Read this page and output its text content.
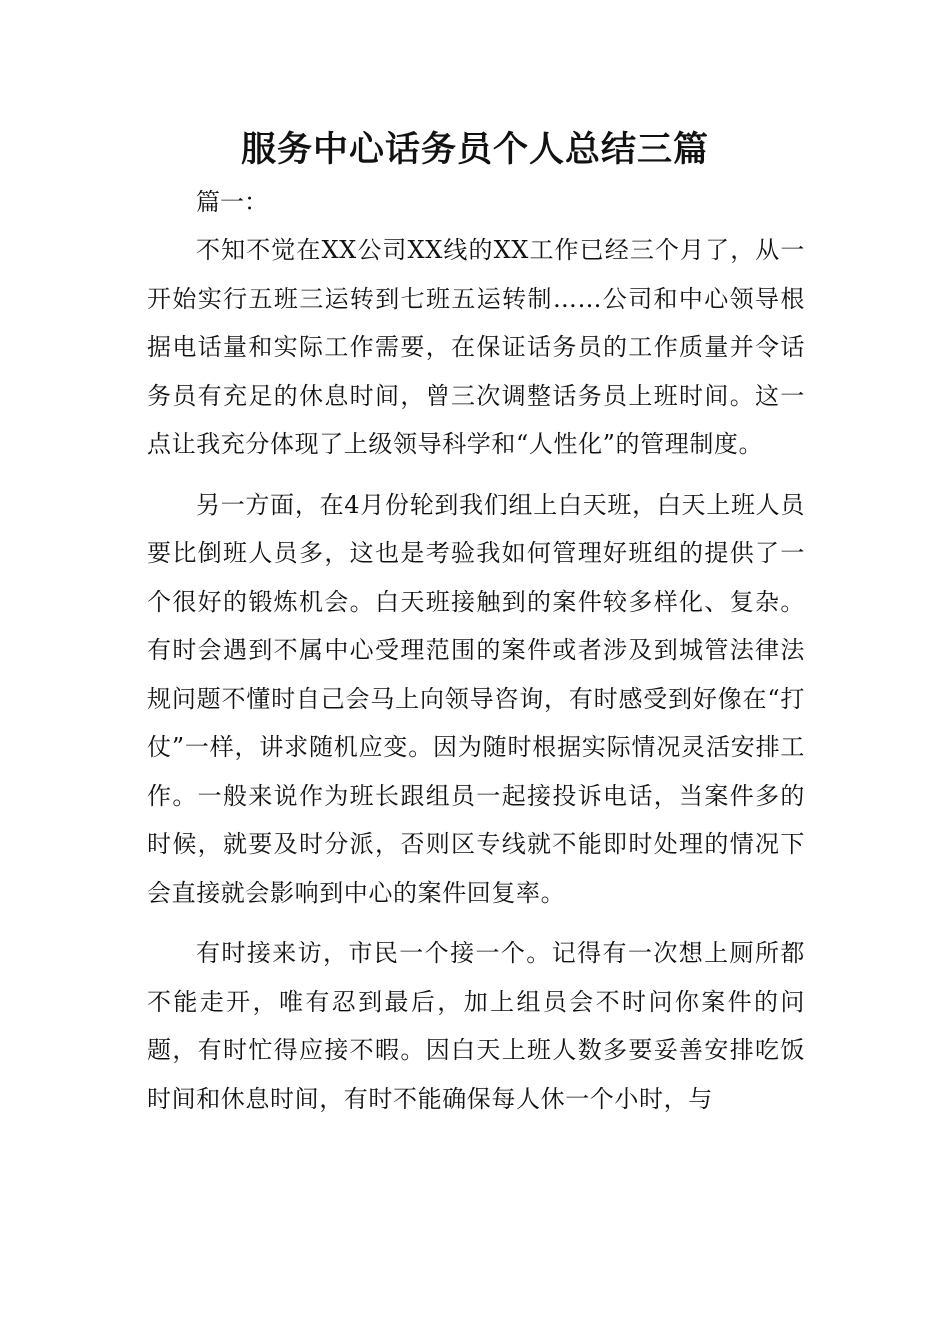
服务中心话务员个人总结三篇

篇一：

不知不觉在XX公司XX线的XX工作已经三个月了，从一开始实行五班三运转到七班五运转制……公司和中心领导根据电话量和实际工作需要，在保证话务员的工作质量并令话务员有充足的休息时间，曾三次调整话务员上班时间。这一点让我充分体现了上级领导科学和“人性化”的管理制度。

另一方面，在4月份轮到我们组上白天班，白天上班人员要比倒班人员多，这也是考验我如何管理好班组的提供了一个很好的锻炼机会。白天班接触到的案件较多样化、复杂。有时会遇到不属中心受理范围的案件或者涉及到城管法律法规问题不懂时自己会马上向领导咨询，有时感受到好像在“打仗”一样，讲求随机应变。因为随时根据实际情况灵活安排工作。一般来说作为班长跟组员一起接投诉电话，当案件多的时候，就要及时分派，否则区专线就不能即时处理的情况下会直接就会影响到中心的案件回复率。

有时接来访，市民一个接一个。记得有一次想上厕所都不能走开，唯有忍到最后，加上组员会不时问你案件的问题，有时忙得应接不暇。因白天上班人数多要妥善安排吃饭时间和休息时间，有时不能确保每人休一个小时，与
